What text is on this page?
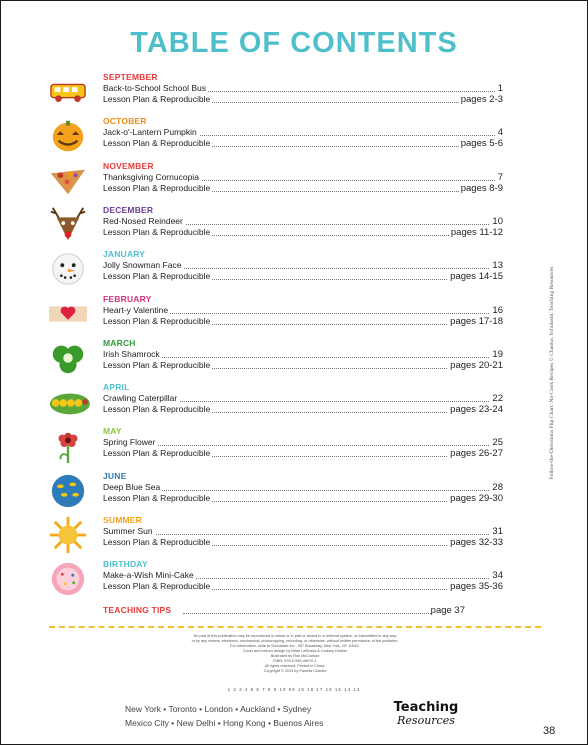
TABLE OF CONTENTS
SEPTEMBER
Back-to-School School Bus	1
Lesson Plan & Reproducible	pages 2-3
OCTOBER
Jack-o'-Lantern Pumpkin	4
Lesson Plan & Reproducible	pages 5-6
NOVEMBER
Thanksgiving Cornucopia	7
Lesson Plan & Reproducible	pages 8-9
DECEMBER
Red-Nosed Reindeer	10
Lesson Plan & Reproducible	pages 11-12
JANUARY
Jolly Snowman Face	13
Lesson Plan & Reproducible	pages 14-15
FEBRUARY
Heart-y Valentine	16
Lesson Plan & Reproducible	pages 17-18
MARCH
Irish Shamrock	19
Lesson Plan & Reproducible	pages 20-21
APRIL
Crawling Caterpillar	22
Lesson Plan & Reproducible	pages 23-24
MAY
Spring Flower	25
Lesson Plan & Reproducible	pages 26-27
JUNE
Deep Blue Sea	28
Lesson Plan & Reproducible	pages 29-30
SUMMER
Summer Sun	31
Lesson Plan & Reproducible	pages 32-33
BIRTHDAY
Make-a-Wish Mini-Cake	34
Lesson Plan & Reproducible	pages 35-36
TEACHING TIPS	page 37
No part of this publication may be reproduced in whole or in part or stored in a retrieval system, or transmitted in any way
or by any means, electronic, mechanical, photocopying, recording, or otherwise, without written permission of the publisher.
For information, write to Scholastic Inc., 557 Broadway, New York, NY 10012.
Cover and interior design by Brian LaRossa & Lindsey Dekker
Illustrated by Rob McClurkan
ISBN: 978-0-545-46070-1
All rights reserved. Printed in China.
Copyright © 2013 by Pamela Chanko
1 2 3 4 5 6 7 8 9 10 69 19 18 17 16 15 14 13
New York • Toronto • London • Auckland • Sydney
Mexico City • New Delhi • Hong Kong • Buenos Aires
Teaching
Resources
38
Follow-the-Directions Flip Chart: No-Cook Recipes © Chanko, Scholastic Teaching Resources
